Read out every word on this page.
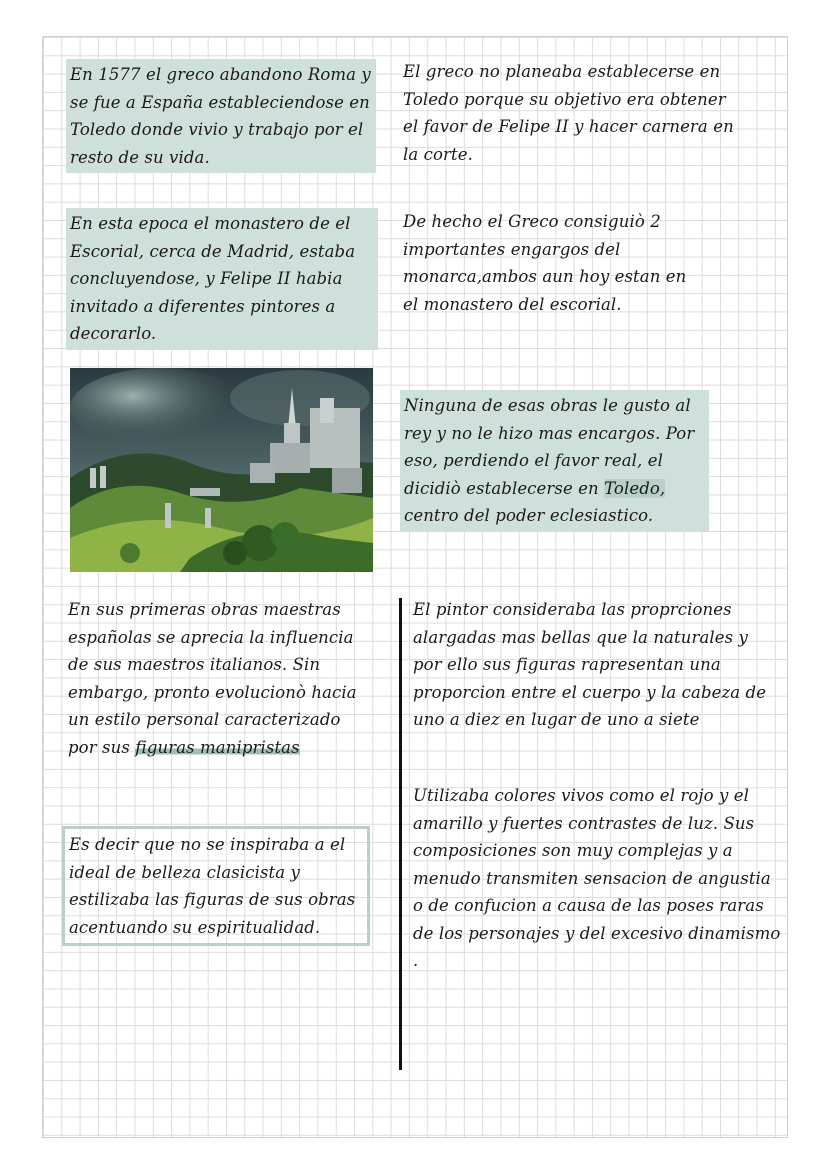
En 1577 el greco abandono Roma y se fue a España estableciendose en Toledo donde vivio y trabajo por el resto de su vida.

El greco no planeaba establecerse en Toledo porque su objetivo era obtener el favor de Felipe II y hacer carnera en la corte.

En esta epoca el monastero de el Escorial, cerca de Madrid, estaba concluyendose, y Felipe II habia invitado a diferentes pintores a decorarlo.

De hecho el Greco consiguiò 2 importantes engargos del monarca,ambos aun hoy estan en el monastero del escorial.

Ninguna de esas obras le gusto al rey y no le hizo mas encargos. Por eso, perdiendo el favor real, el dicidiò establecerse en Toledo, centro del poder eclesiastico.

En sus primeras obras maestras españolas se aprecia la influencia de sus maestros italianos. Sin embargo, pronto evolucionò hacia un estilo personal caracterizado por sus figuras manipristas

Es decir que no se inspiraba a el ideal de belleza clasicista y estilizaba las figuras de sus obras acentuando su espiritualidad.

El pintor consideraba las proprciones alargadas mas bellas que la naturales y por ello sus figuras rapresentan una proporcion entre el cuerpo y la cabeza de uno a diez en lugar de uno a siete

Utilizaba colores vivos como el rojo y el amarillo y fuertes contrastes de luz. Sus composiciones son muy complejas y a menudo transmiten sensacion de angustia o de confucion a causa de las poses raras de los personajes y del excesivo dinamismo .
